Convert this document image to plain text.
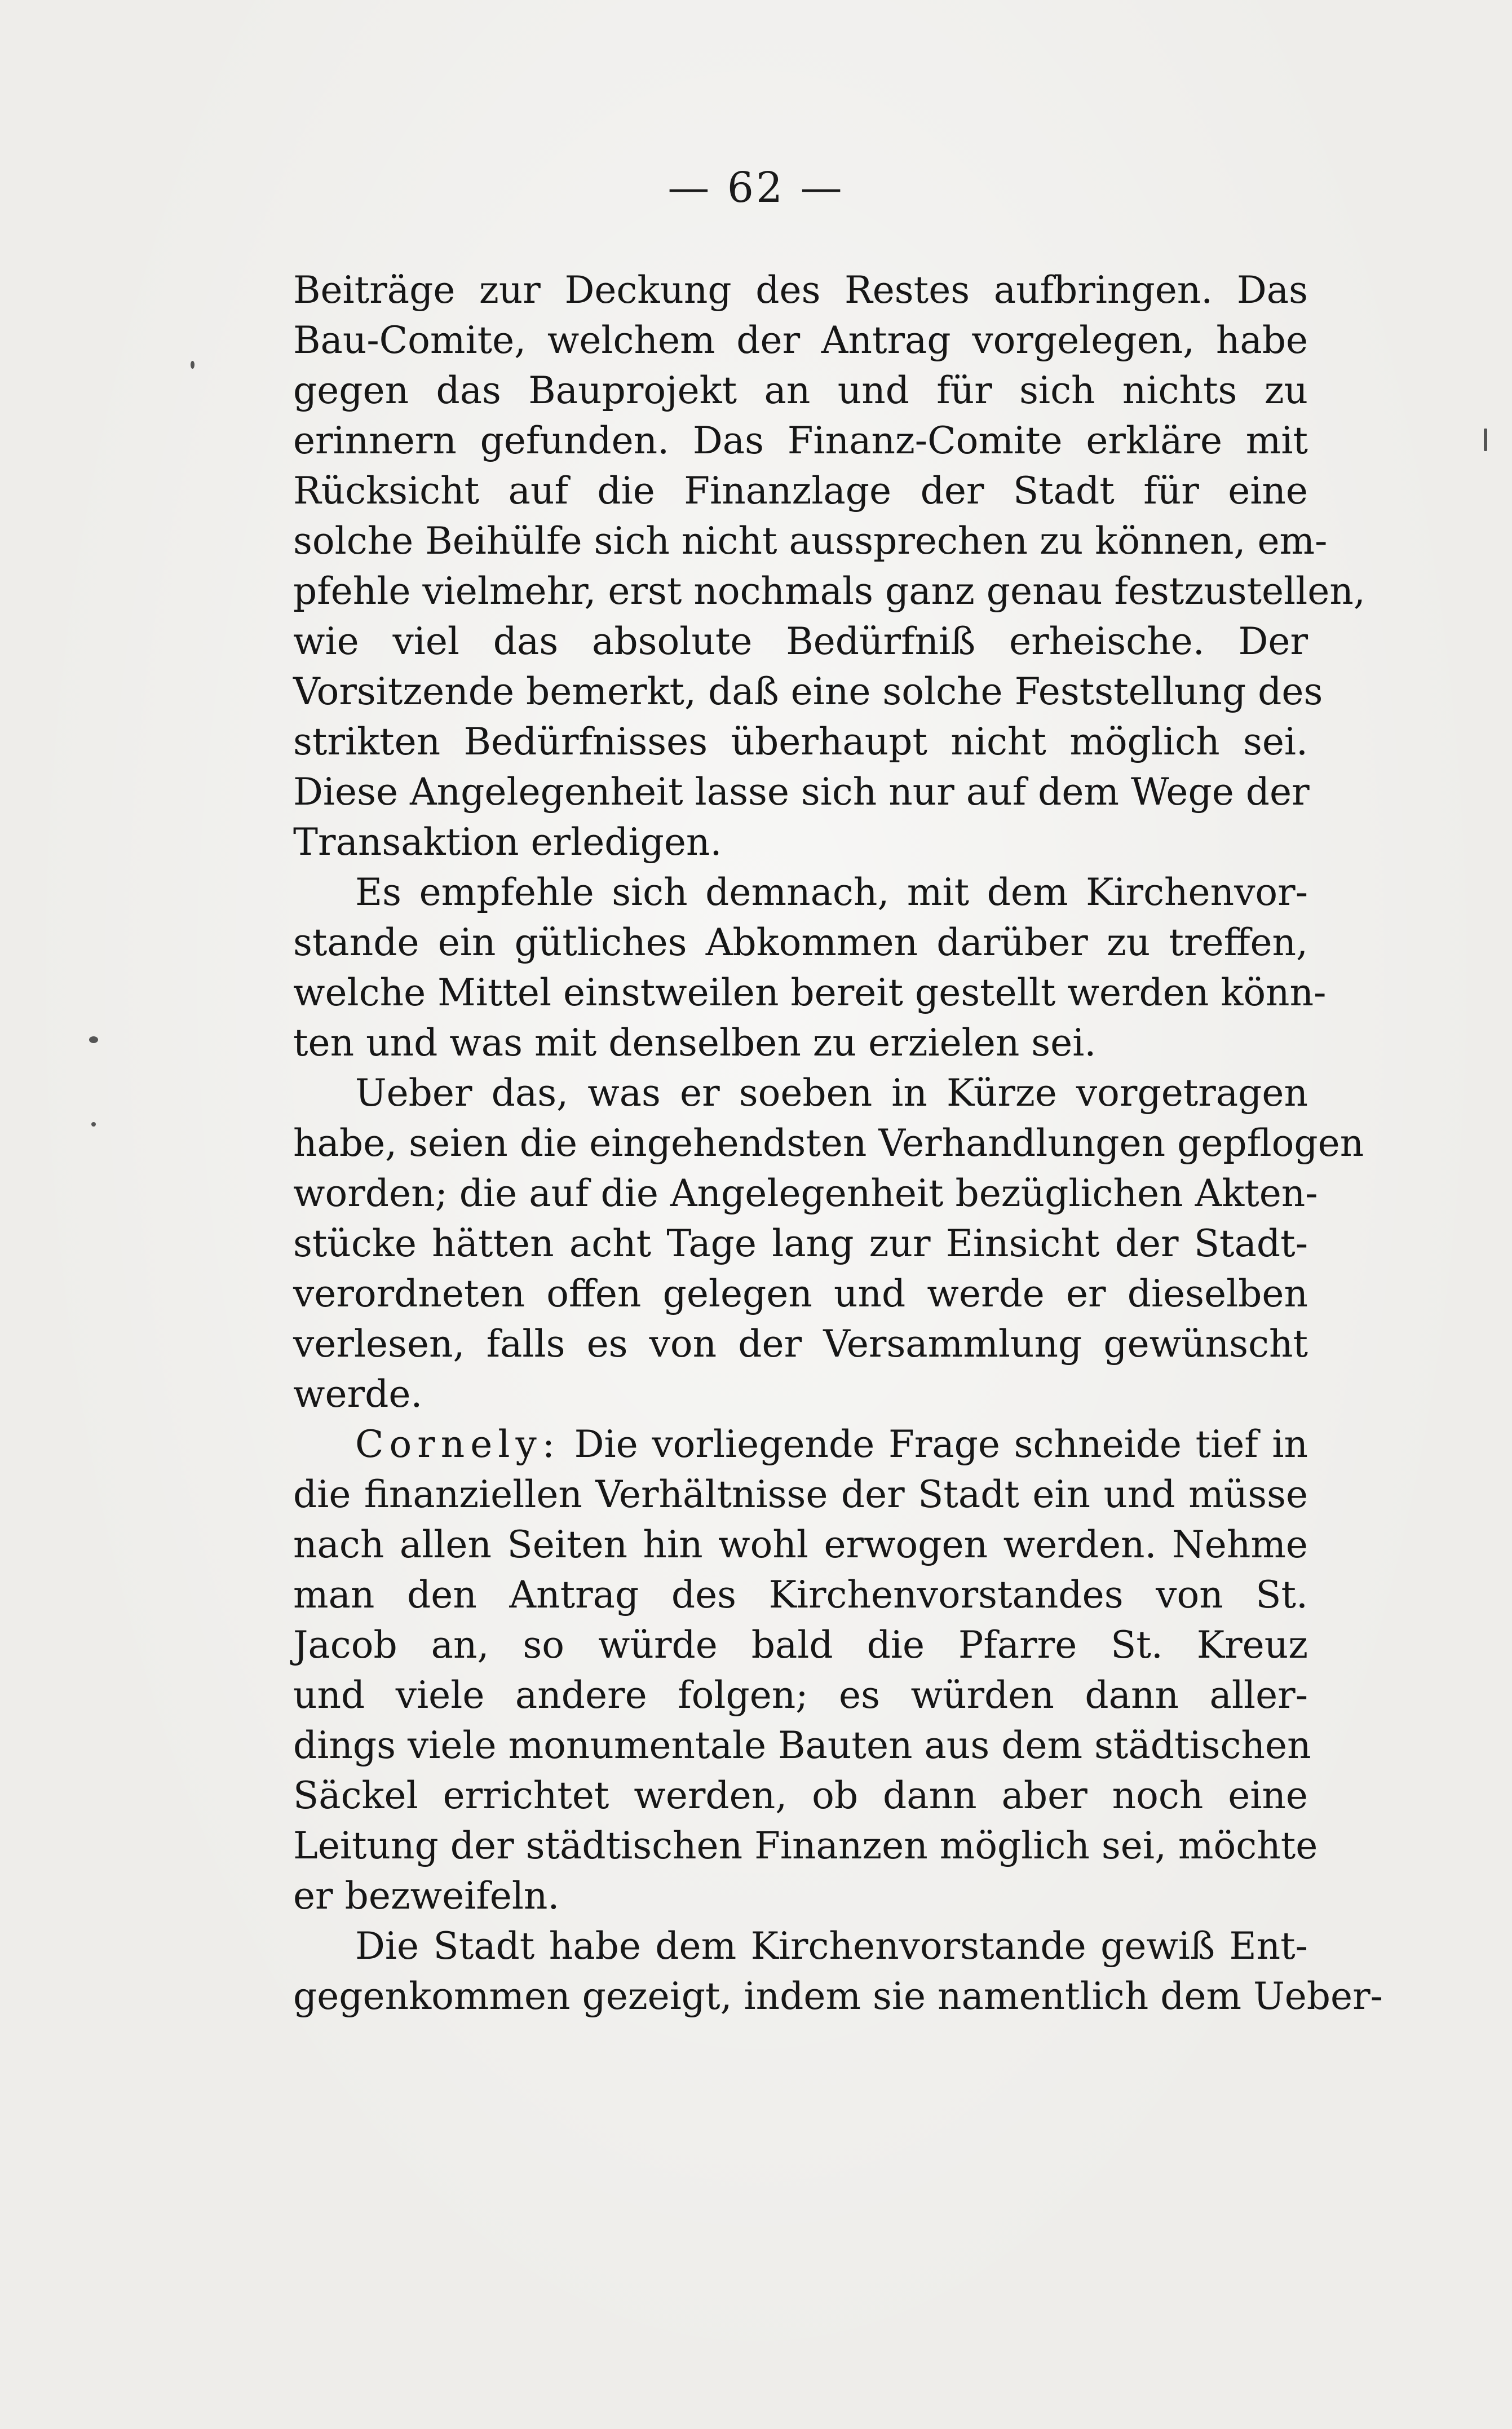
— 62 —
Beiträge zur Deckung des Restes aufbringen. Das
Bau-Comite, welchem der Antrag vorgelegen, habe
gegen das Bauprojekt an und für sich nichts zu
erinnern gefunden. Das Finanz-Comite erkläre mit
Rücksicht auf die Finanzlage der Stadt für eine
solche Beihülfe sich nicht aussprechen zu können, em-
pfehle vielmehr, erst nochmals ganz genau festzustellen,
wie viel das absolute Bedürfniß erheische. Der
Vorsitzende bemerkt, daß eine solche Feststellung des
strikten Bedürfnisses überhaupt nicht möglich sei.
Diese Angelegenheit lasse sich nur auf dem Wege der
Transaktion erledigen.
Es empfehle sich demnach, mit dem Kirchenvor-
stande ein gütliches Abkommen darüber zu treffen,
welche Mittel einstweilen bereit gestellt werden könn-
ten und was mit denselben zu erzielen sei.
Ueber das, was er soeben in Kürze vorgetragen
habe, seien die eingehendsten Verhandlungen gepflogen
worden; die auf die Angelegenheit bezüglichen Akten-
stücke hätten acht Tage lang zur Einsicht der Stadt-
verordneten offen gelegen und werde er dieselben
verlesen, falls es von der Versammlung gewünscht
werde.
Cornely: Die vorliegende Frage schneide tief in
die finanziellen Verhältnisse der Stadt ein und müsse
nach allen Seiten hin wohl erwogen werden. Nehme
man den Antrag des Kirchenvorstandes von St.
Jacob an, so würde bald die Pfarre St. Kreuz
und viele andere folgen; es würden dann aller-
dings viele monumentale Bauten aus dem städtischen
Säckel errichtet werden, ob dann aber noch eine
Leitung der städtischen Finanzen möglich sei, möchte
er bezweifeln.
Die Stadt habe dem Kirchenvorstande gewiß Ent-
gegenkommen gezeigt, indem sie namentlich dem Ueber-
